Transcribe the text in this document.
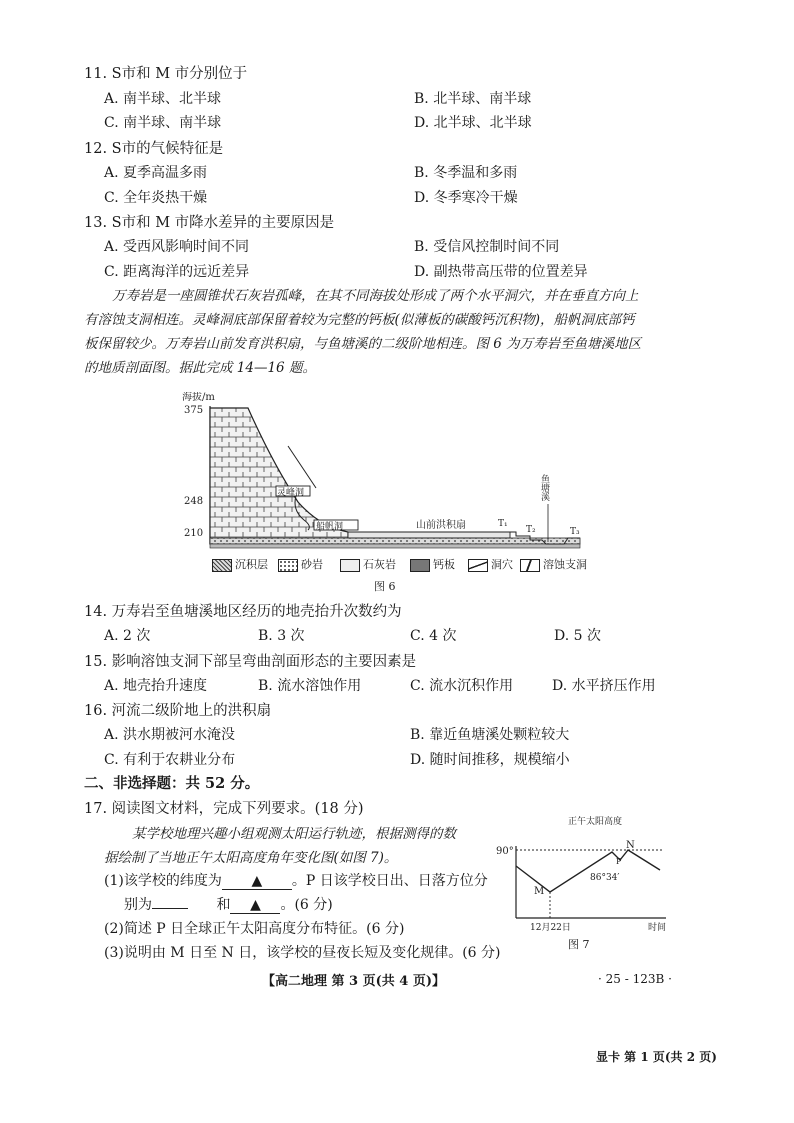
11. S市和 M 市分别位于
A. 南半球、北半球	B. 北半球、南半球
C. 南半球、南半球	D. 北半球、北半球
12. S市的气候特征是
A. 夏季高温多雨	B. 冬季温和多雨
C. 全年炎热干燥	D. 冬季寒冷干燥
13. S市和 M 市降水差异的主要原因是
A. 受西风影响时间不同	B. 受信风控制时间不同
C. 距离海洋的远近差异	D. 副热带高压带的位置差异
万寿岩是一座圆锥状石灰岩孤峰，在其不同海拔处形成了两个水平洞穴，并在垂直方向上
有溶蚀支洞相连。灵峰洞底部保留着较为完整的钙板(似薄板的碳酸钙沉积物)，船帆洞底部钙
板保留较少。万寿岩山前发育洪积扇，与鱼塘溪的二级阶地相连。图 6 为万寿岩至鱼塘溪地区
的地质剖面图。据此完成 14—16 题。
海拔/m
375
248
210
灵峰洞
船帆洞	山前洪积扇	T₁
T₂	T₃
鱼塘溪
沉积层	砂岩	石灰岩	钙板	洞穴	溶蚀支洞
图 6
14. 万寿岩至鱼塘溪地区经历的地壳抬升次数约为
A. 2 次	B. 3 次	C. 4 次	D. 5 次
15. 影响溶蚀支洞下部呈弯曲剖面形态的主要因素是
A. 地壳抬升速度	B. 流水溶蚀作用	C. 流水沉积作用	D. 水平挤压作用
16. 河流二级阶地上的洪积扇
A. 洪水期被河水淹没	B. 靠近鱼塘溪处颗粒较大
C. 有利于农耕业分布	D. 随时间推移，规模缩小
二、非选择题：共 52 分。
17. 阅读图文材料，完成下列要求。(18 分)
某学校地理兴趣小组观测太阳运行轨迹，根据测得的数
据绘制了当地正午太阳高度角年变化图(如图 7)。
(1)该学校的纬度为 ▲ 。P 日该学校日出、日落方位分
别为	和 ▲ 。(6 分)
(2)简述 P 日全球正午太阳高度分布特征。(6 分)
(3)说明由 M 日至 N 日，该学校的昼夜长短及变化规律。(6 分)
正午太阳高度
90°
M
N
P
86°34′
12月22日	时间
图 7
【高二地理 第 3 页(共 4 页)】	· 25 - 123B ·
显卡 第 1 页(共 2 页)
